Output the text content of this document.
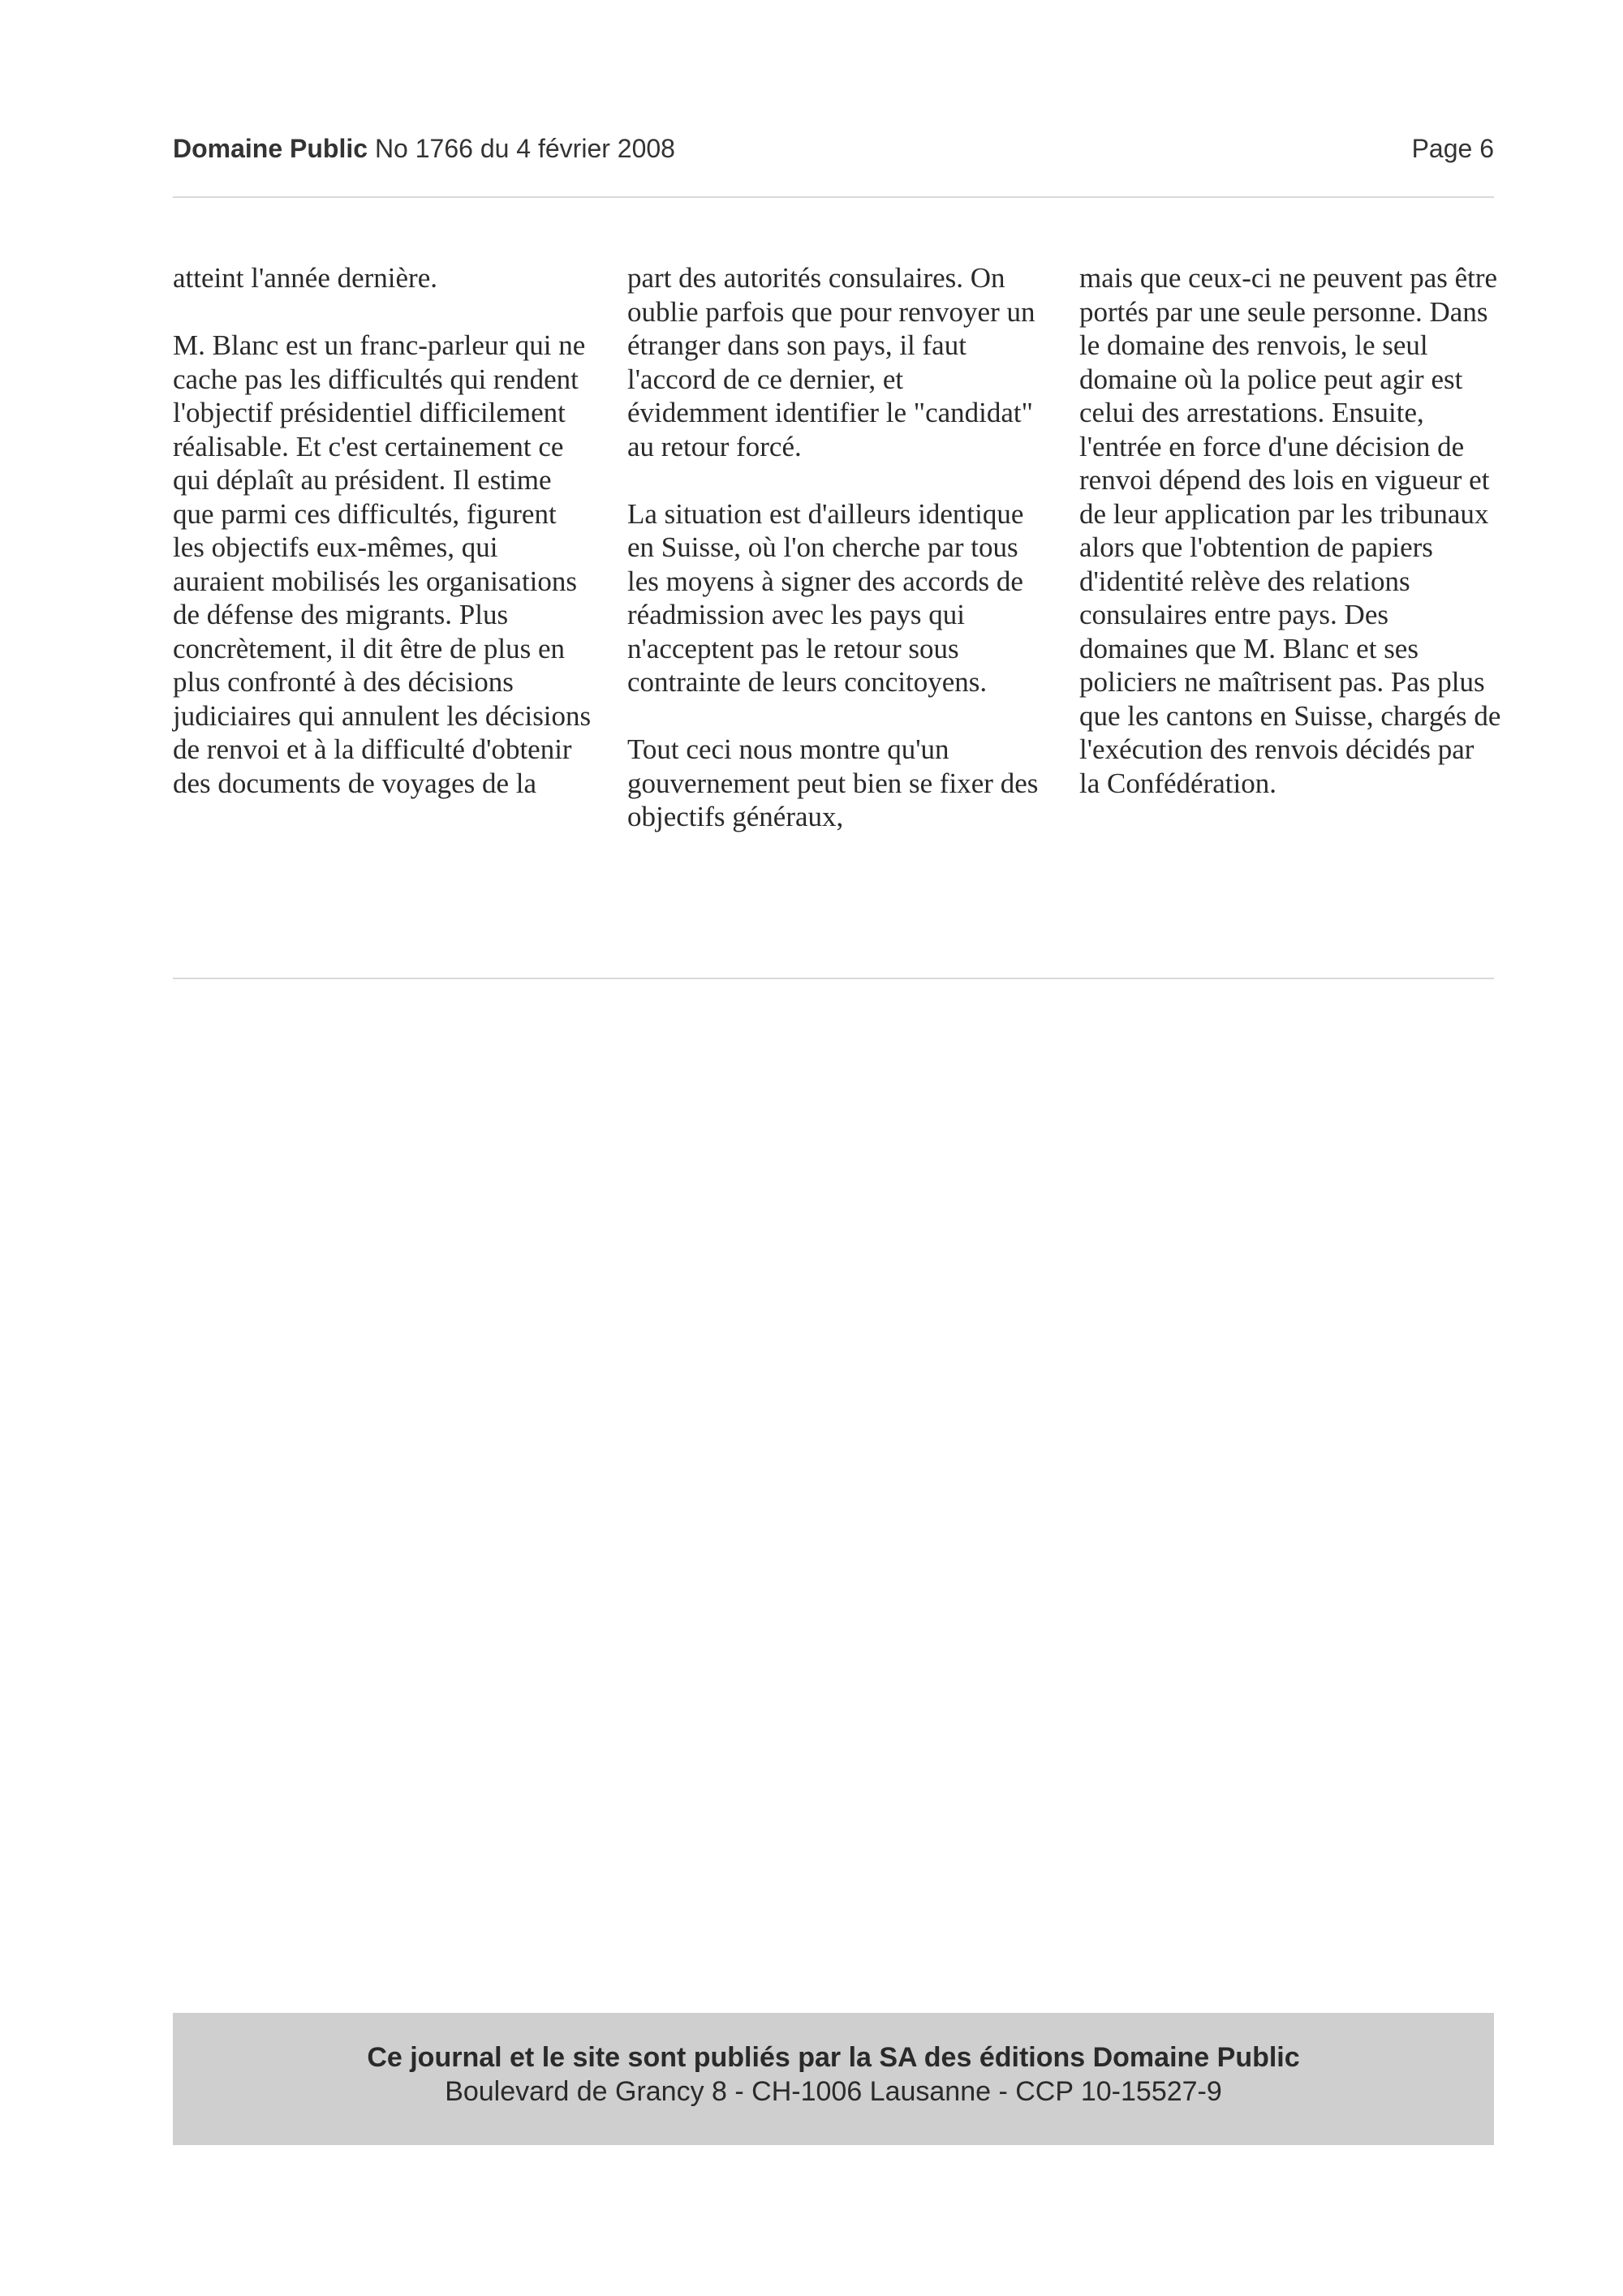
Domaine Public No 1766 du 4 février 2008	Page 6

atteint l'année dernière.

M. Blanc est un franc-parleur qui ne cache pas les difficultés qui rendent l'objectif présidentiel difficilement réalisable. Et c'est certainement ce qui déplaît au président. Il estime que parmi ces difficultés, figurent les objectifs eux-mêmes, qui auraient mobilisés les organisations de défense des migrants. Plus concrètement, il dit être de plus en plus confronté à des décisions judiciaires qui annulent les décisions de renvoi et à la difficulté d'obtenir des documents de voyages de la

part des autorités consulaires. On oublie parfois que pour renvoyer un étranger dans son pays, il faut l'accord de ce dernier, et évidemment identifier le "candidat" au retour forcé.

La situation est d'ailleurs identique en Suisse, où l'on cherche par tous les moyens à signer des accords de réadmission avec les pays qui n'acceptent pas le retour sous contrainte de leurs concitoyens.

Tout ceci nous montre qu'un gouvernement peut bien se fixer des objectifs généraux,

mais que ceux-ci ne peuvent pas être portés par une seule personne. Dans le domaine des renvois, le seul domaine où la police peut agir est celui des arrestations. Ensuite, l'entrée en force d'une décision de renvoi dépend des lois en vigueur et de leur application par les tribunaux alors que l'obtention de papiers d'identité relève des relations consulaires entre pays. Des domaines que M. Blanc et ses policiers ne maîtrisent pas. Pas plus que les cantons en Suisse, chargés de l'exécution des renvois décidés par la Confédération.

Ce journal et le site sont publiés par la SA des éditions Domaine Public
Boulevard de Grancy 8 - CH-1006 Lausanne - CCP 10-15527-9
